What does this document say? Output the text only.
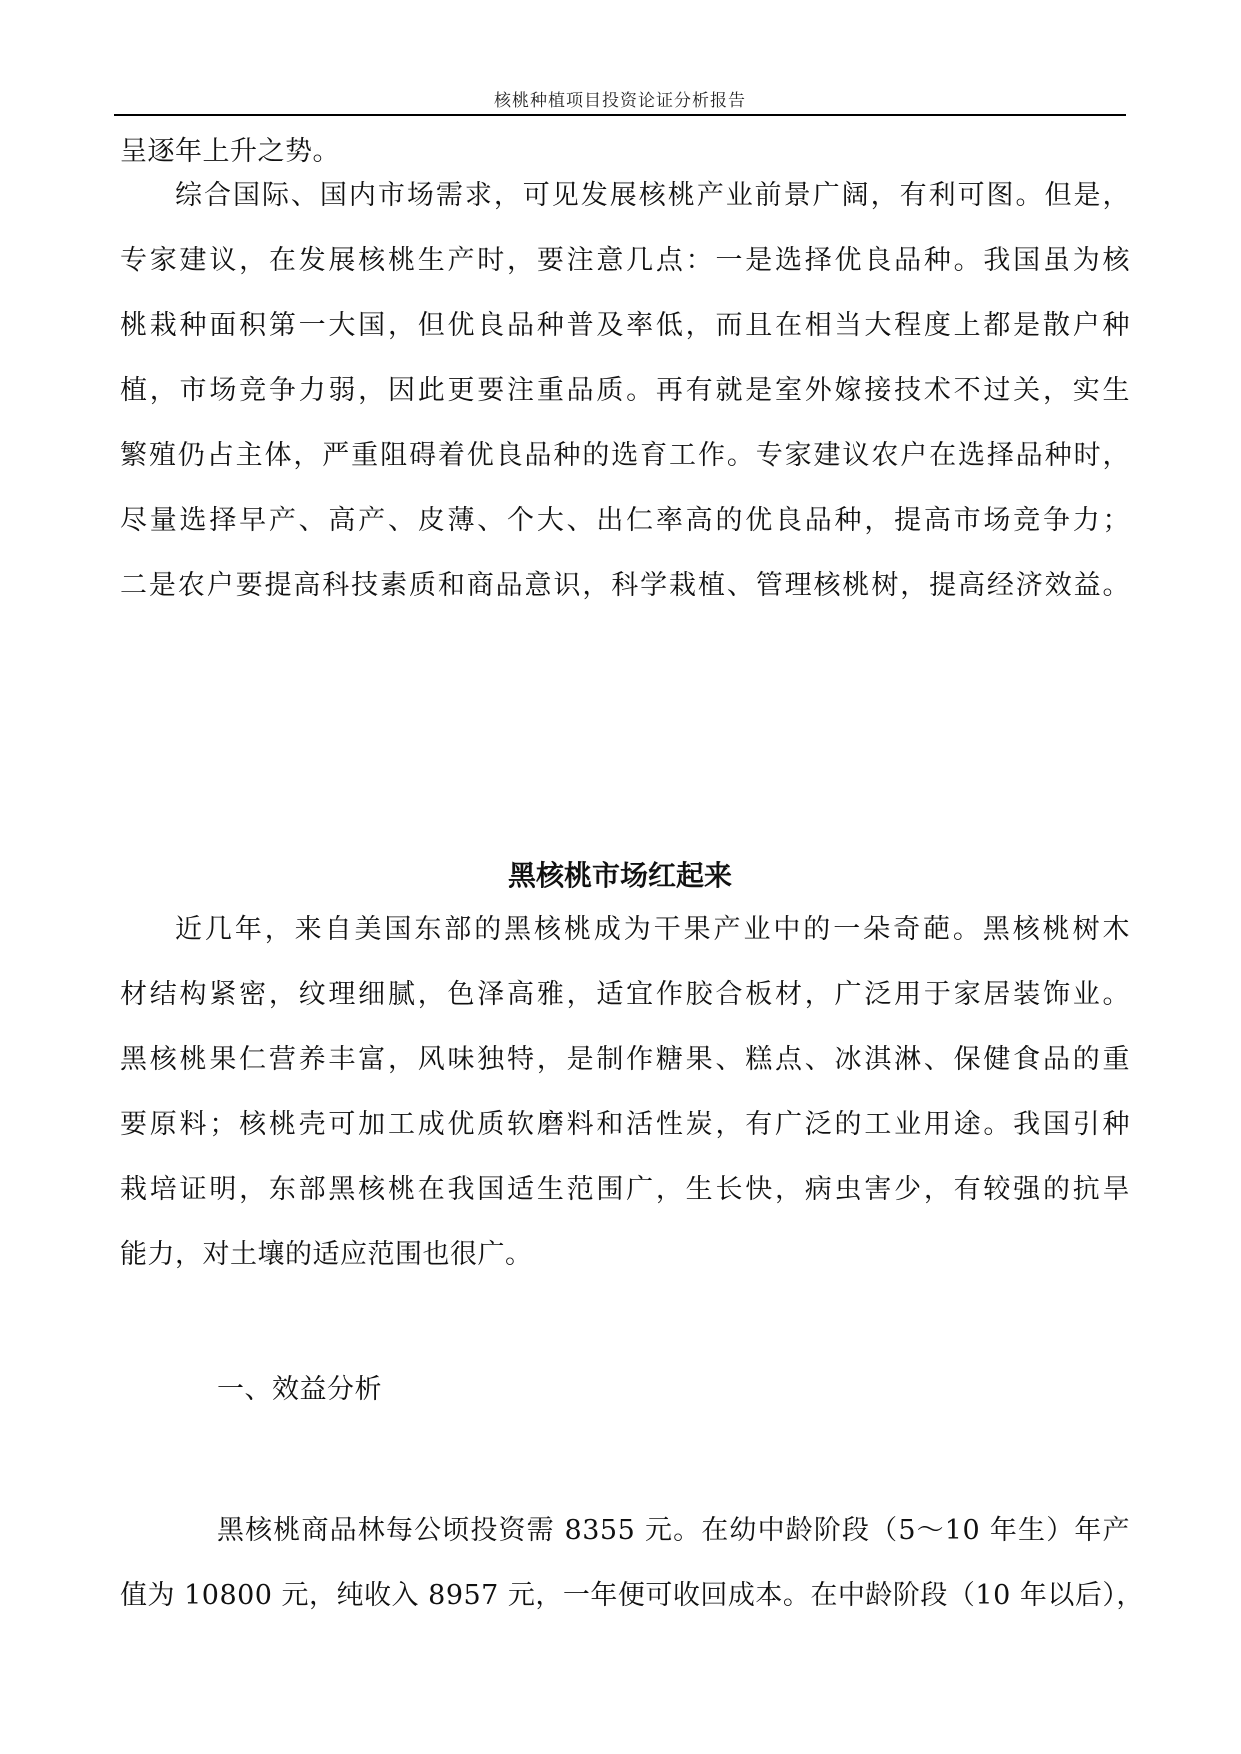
核桃种植项目投资论证分析报告
呈逐年上升之势。
综合国际、国内市场需求，可见发展核桃产业前景广阔，有利可图。但是，
专家建议，在发展核桃生产时，要注意几点：一是选择优良品种。我国虽为核
桃栽种面积第一大国，但优良品种普及率低，而且在相当大程度上都是散户种
植，市场竞争力弱，因此更要注重品质。再有就是室外嫁接技术不过关，实生
繁殖仍占主体，严重阻碍着优良品种的选育工作。专家建议农户在选择品种时，
尽量选择早产、高产、皮薄、个大、出仁率高的优良品种，提高市场竞争力；
二是农户要提高科技素质和商品意识，科学栽植、管理核桃树，提高经济效益。
黑核桃市场红起来
近几年，来自美国东部的黑核桃成为干果产业中的一朵奇葩。黑核桃树木
材结构紧密，纹理细腻，色泽高雅，适宜作胶合板材，广泛用于家居装饰业。
黑核桃果仁营养丰富，风味独特，是制作糖果、糕点、冰淇淋、保健食品的重
要原料；核桃壳可加工成优质软磨料和活性炭，有广泛的工业用途。我国引种
栽培证明，东部黑核桃在我国适生范围广，生长快，病虫害少，有较强的抗旱
能力，对土壤的适应范围也很广。
一、效益分析
黑核桃商品林每公顷投资需 8355 元。在幼中龄阶段（5～10 年生）年产
值为 10800 元，纯收入 8957 元，一年便可收回成本。在中龄阶段（10 年以后），
